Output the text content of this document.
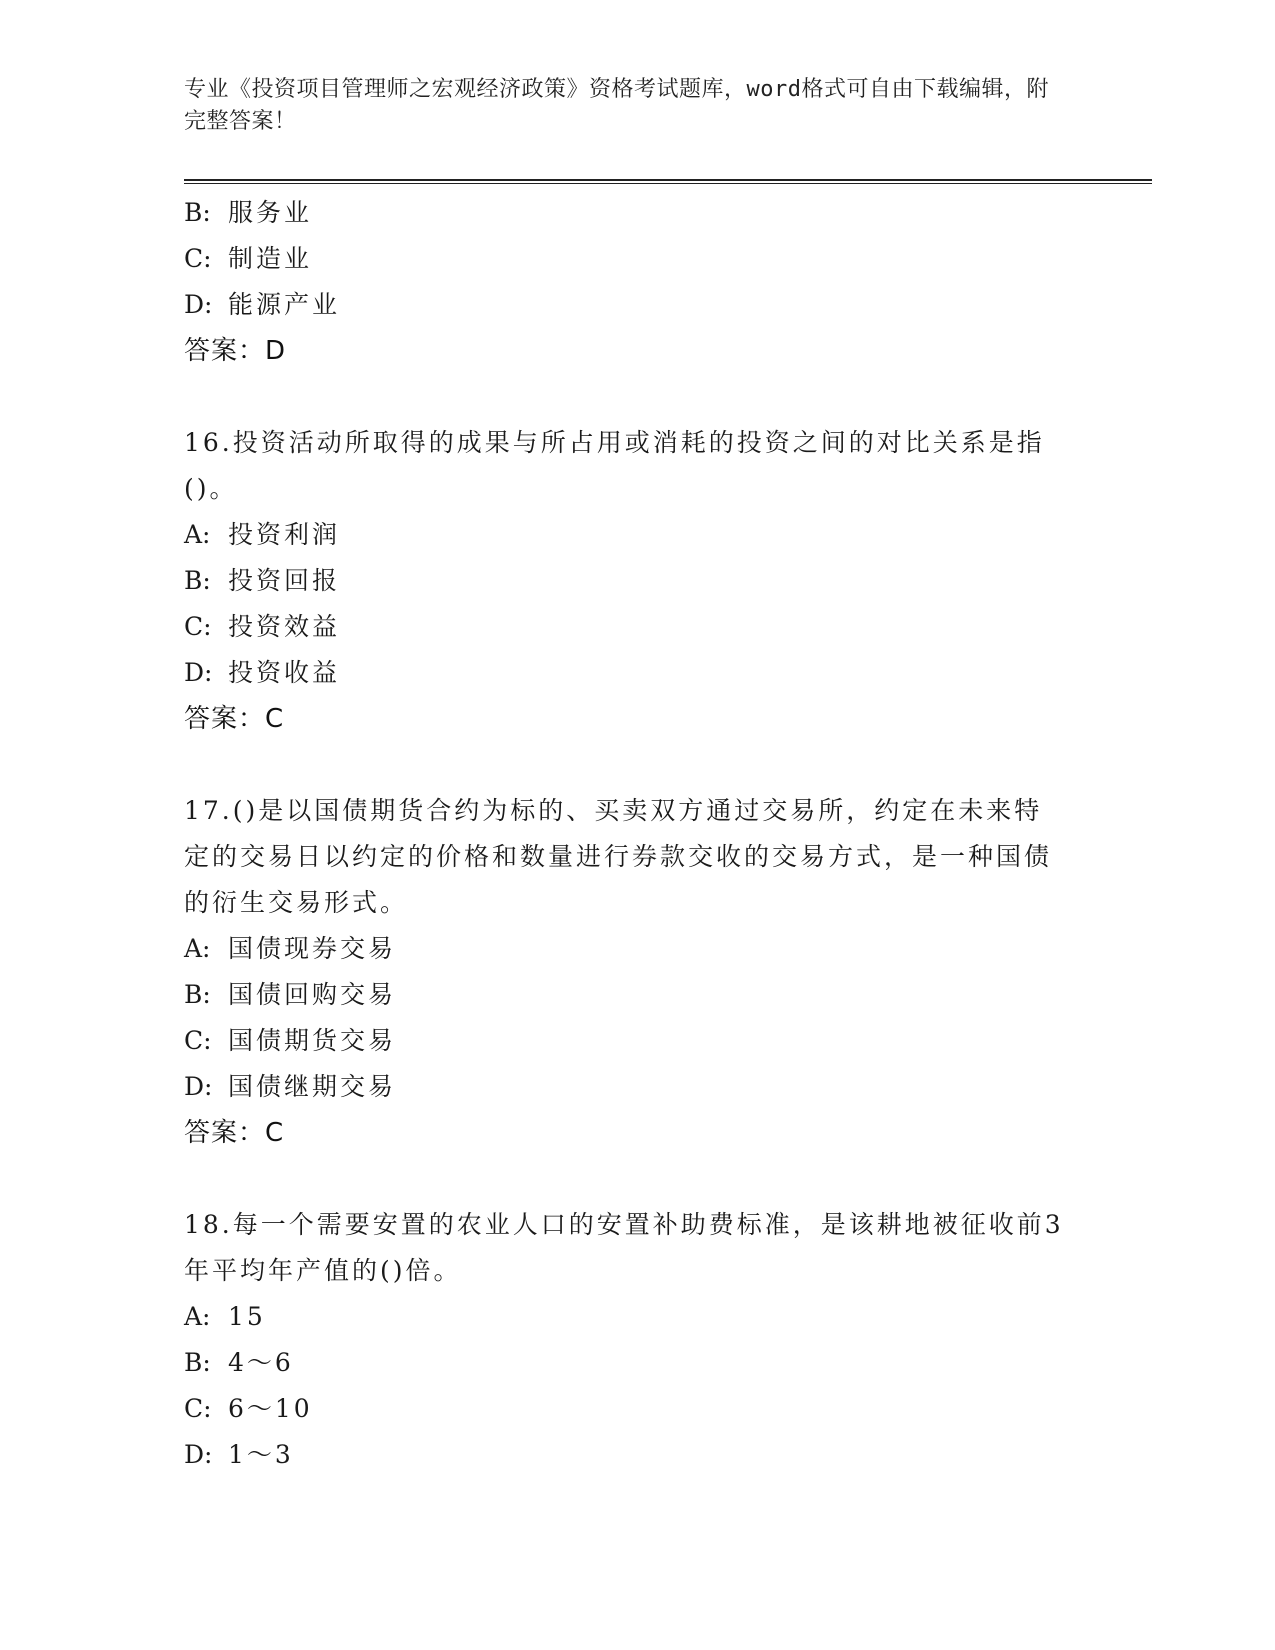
专业《投资项目管理师之宏观经济政策》资格考试题库，word格式可自由下载编辑，附完整答案！
B: 服务业
C: 制造业
D: 能源产业
答案：D
16.投资活动所取得的成果与所占用或消耗的投资之间的对比关系是指()。
A: 投资利润
B: 投资回报
C: 投资效益
D: 投资收益
答案：C
17.()是以国债期货合约为标的、买卖双方通过交易所，约定在未来特定的交易日以约定的价格和数量进行券款交收的交易方式，是一种国债的衍生交易形式。
A: 国债现券交易
B: 国债回购交易
C: 国债期货交易
D: 国债继期交易
答案：C
18.每一个需要安置的农业人口的安置补助费标准，是该耕地被征收前3年平均年产值的()倍。
A: 15
B: 4～6
C: 6～10
D: 1～3
